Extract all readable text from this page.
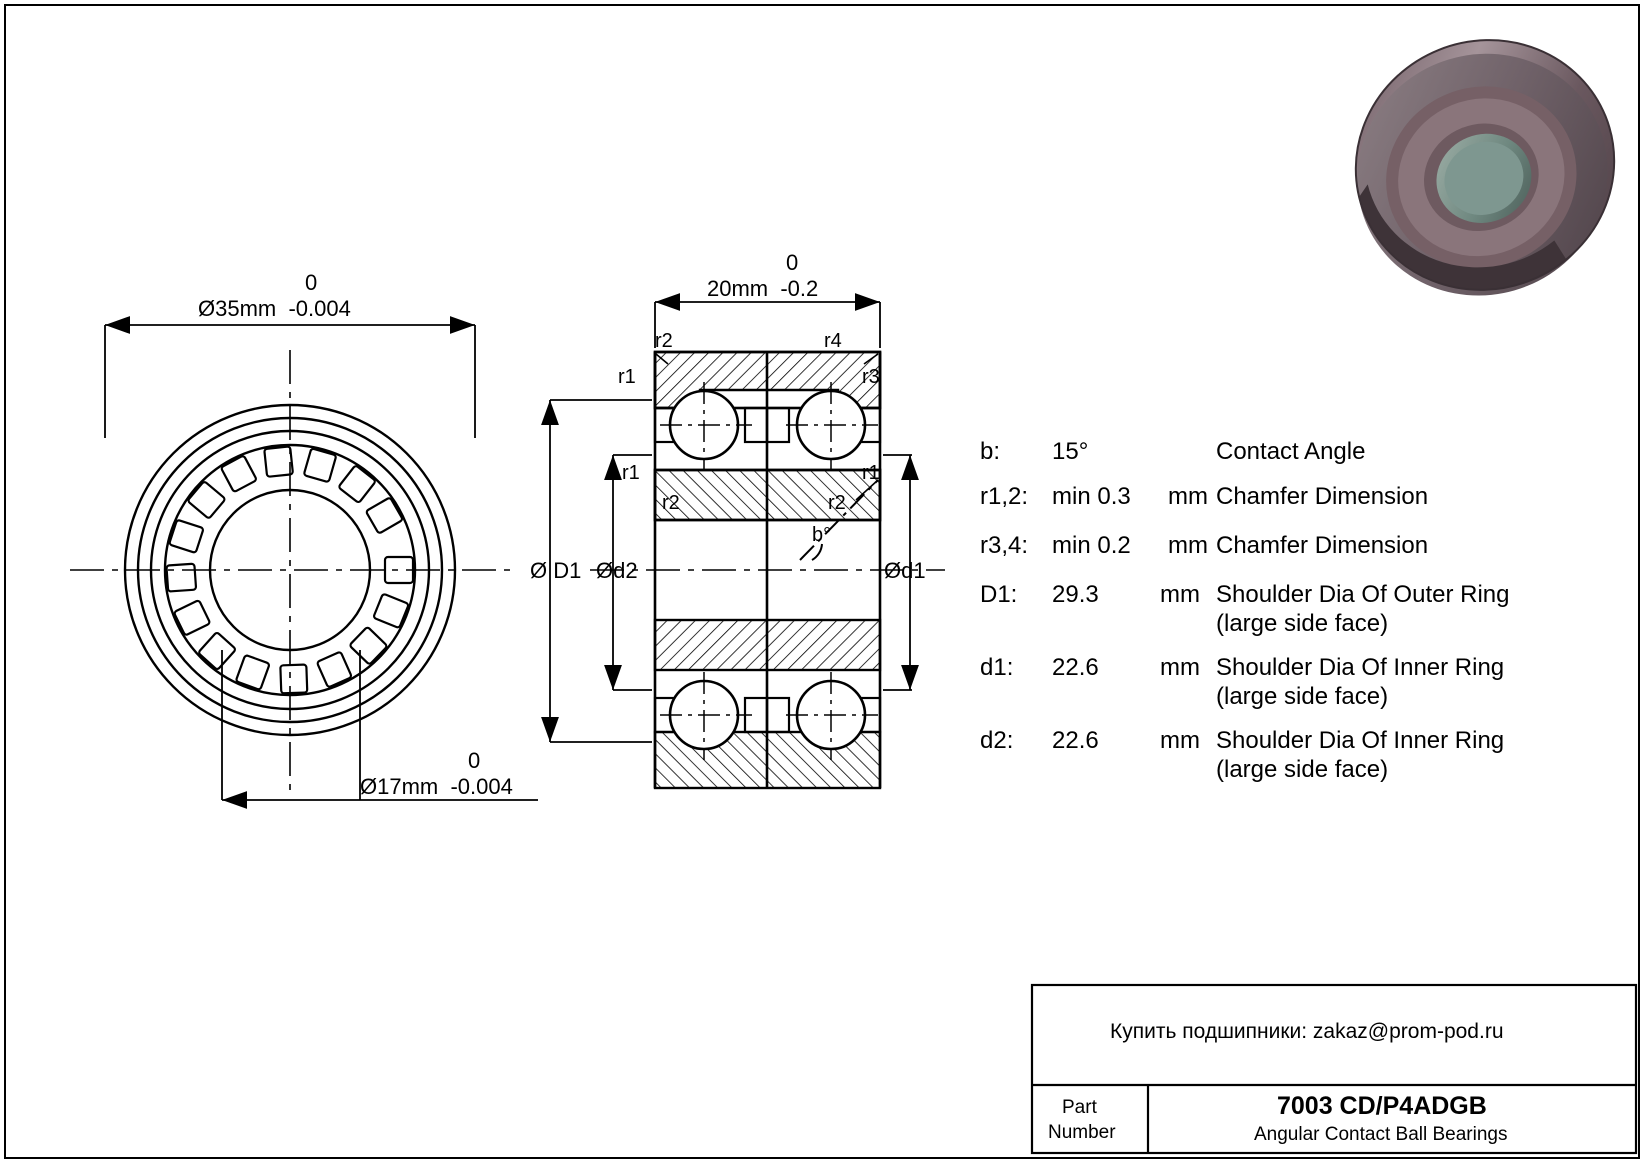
0
Ø35mm  -0.004
0
Ø17mm  -0.004
0
20mm  -0.2
r2	r4
r1	r3
r1	r1
r2	r2
b°
Ø D1 Ød2	Ød1
b: 15°	Contact Angle
r1,2: min 0.3 mm Chamfer Dimension
r3,4: min 0.2 mm Chamfer Dimension
D1: 29.3	mm Shoulder Dia Of Outer Ring
(large side face)
d1: 22.6	mm Shoulder Dia Of Inner Ring
(large side face)
d2: 22.6	mm Shoulder Dia Of Inner Ring
(large side face)
Купить подшипники: zakaz@prom-pod.ru
Part
Number
7003 CD/P4ADGB
Angular Contact Ball Bearings
